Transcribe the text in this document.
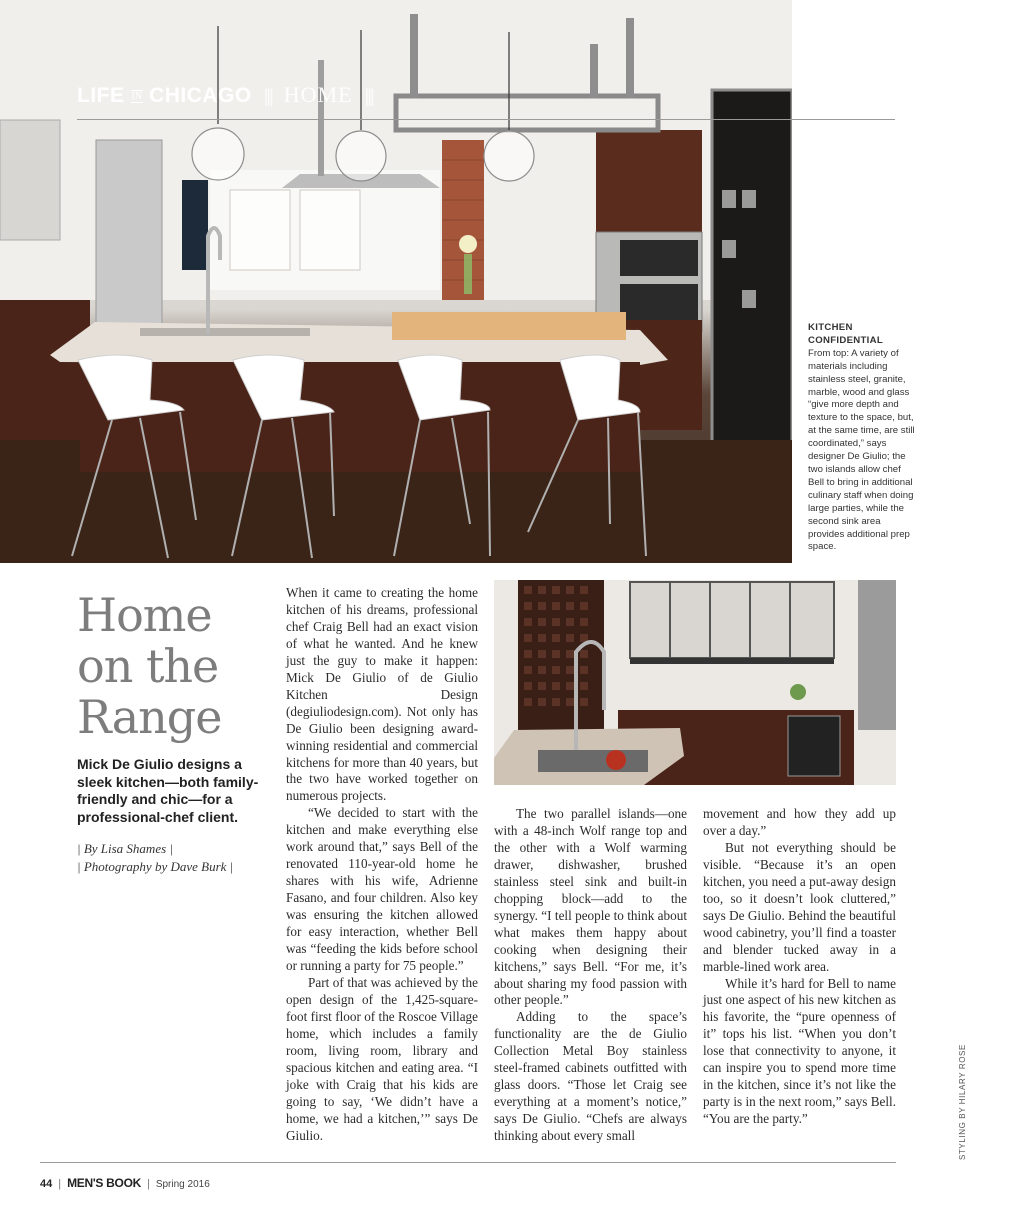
LIFE IN CHICAGO ||| HOME |||
KITCHEN
CONFIDENTIAL
From top: A variety of materials including stainless steel, granite, marble, wood and glass “give more depth and texture to the space, but, at the same time, are still coordinated,” says designer De Giulio; the two islands allow chef Bell to bring in additional culinary staff when doing large parties, while the second sink area provides additional prep space.
Home
on the
Range

Mick De Giulio designs a sleek kitchen—both family-friendly and chic—for a professional-chef client.

| By Lisa Shames |
| Photography by Dave Burk |

When it came to creating the home kitchen of his dreams, professional chef Craig Bell had an exact vision of what he wanted. And he knew just the guy to make it happen: Mick De Giulio of de Giulio Kitchen Design (degiuliodesign.com). Not only has De Giulio been designing award-winning residential and commercial kitchens for more than 40 years, but the two have worked together on numerous projects.

“We decided to start with the kitchen and make everything else work around that,” says Bell of the renovated 110-year-old home he shares with his wife, Adrienne Fasano, and four children. Also key was ensuring the kitchen allowed for easy interaction, whether Bell was “feeding the kids before school or running a party for 75 people.”

Part of that was achieved by the open design of the 1,425-square-foot first floor of the Roscoe Village home, which includes a family room, living room, library and spacious kitchen and eating area. “I joke with Craig that his kids are going to say, ‘We didn’t have a home, we had a kitchen,’” says De Giulio.

The two parallel islands—one with a 48-inch Wolf range top and the other with a Wolf warming drawer, dishwasher, brushed stainless steel sink and built-in chopping block—add to the synergy. “I tell people to think about what makes them happy about cooking when designing their kitchens,” says Bell. “For me, it’s about sharing my food passion with other people.”

Adding to the space’s functionality are the de Giulio Collection Metal Boy stainless steel-framed cabinets outfitted with glass doors. “Those let Craig see everything at a moment’s notice,” says De Giulio. “Chefs are always thinking about every small

movement and how they add up over a day.”

But not everything should be visible. “Because it’s an open kitchen, you need a put-away design too, so it doesn’t look cluttered,” says De Giulio. Behind the beautiful wood cabinetry, you’ll find a toaster and blender tucked away in a marble-lined work area.

While it’s hard for Bell to name just one aspect of his new kitchen as his favorite, the “pure openness of it” tops his list. “When you don’t lose that connectivity to anyone, it can inspire you to spend more time in the kitchen, since it’s not like the party is in the next room,” says Bell. “You are the party.”	STYLING BY HILARY ROSE
44 | MEN'S BOOK | Spring 2016
